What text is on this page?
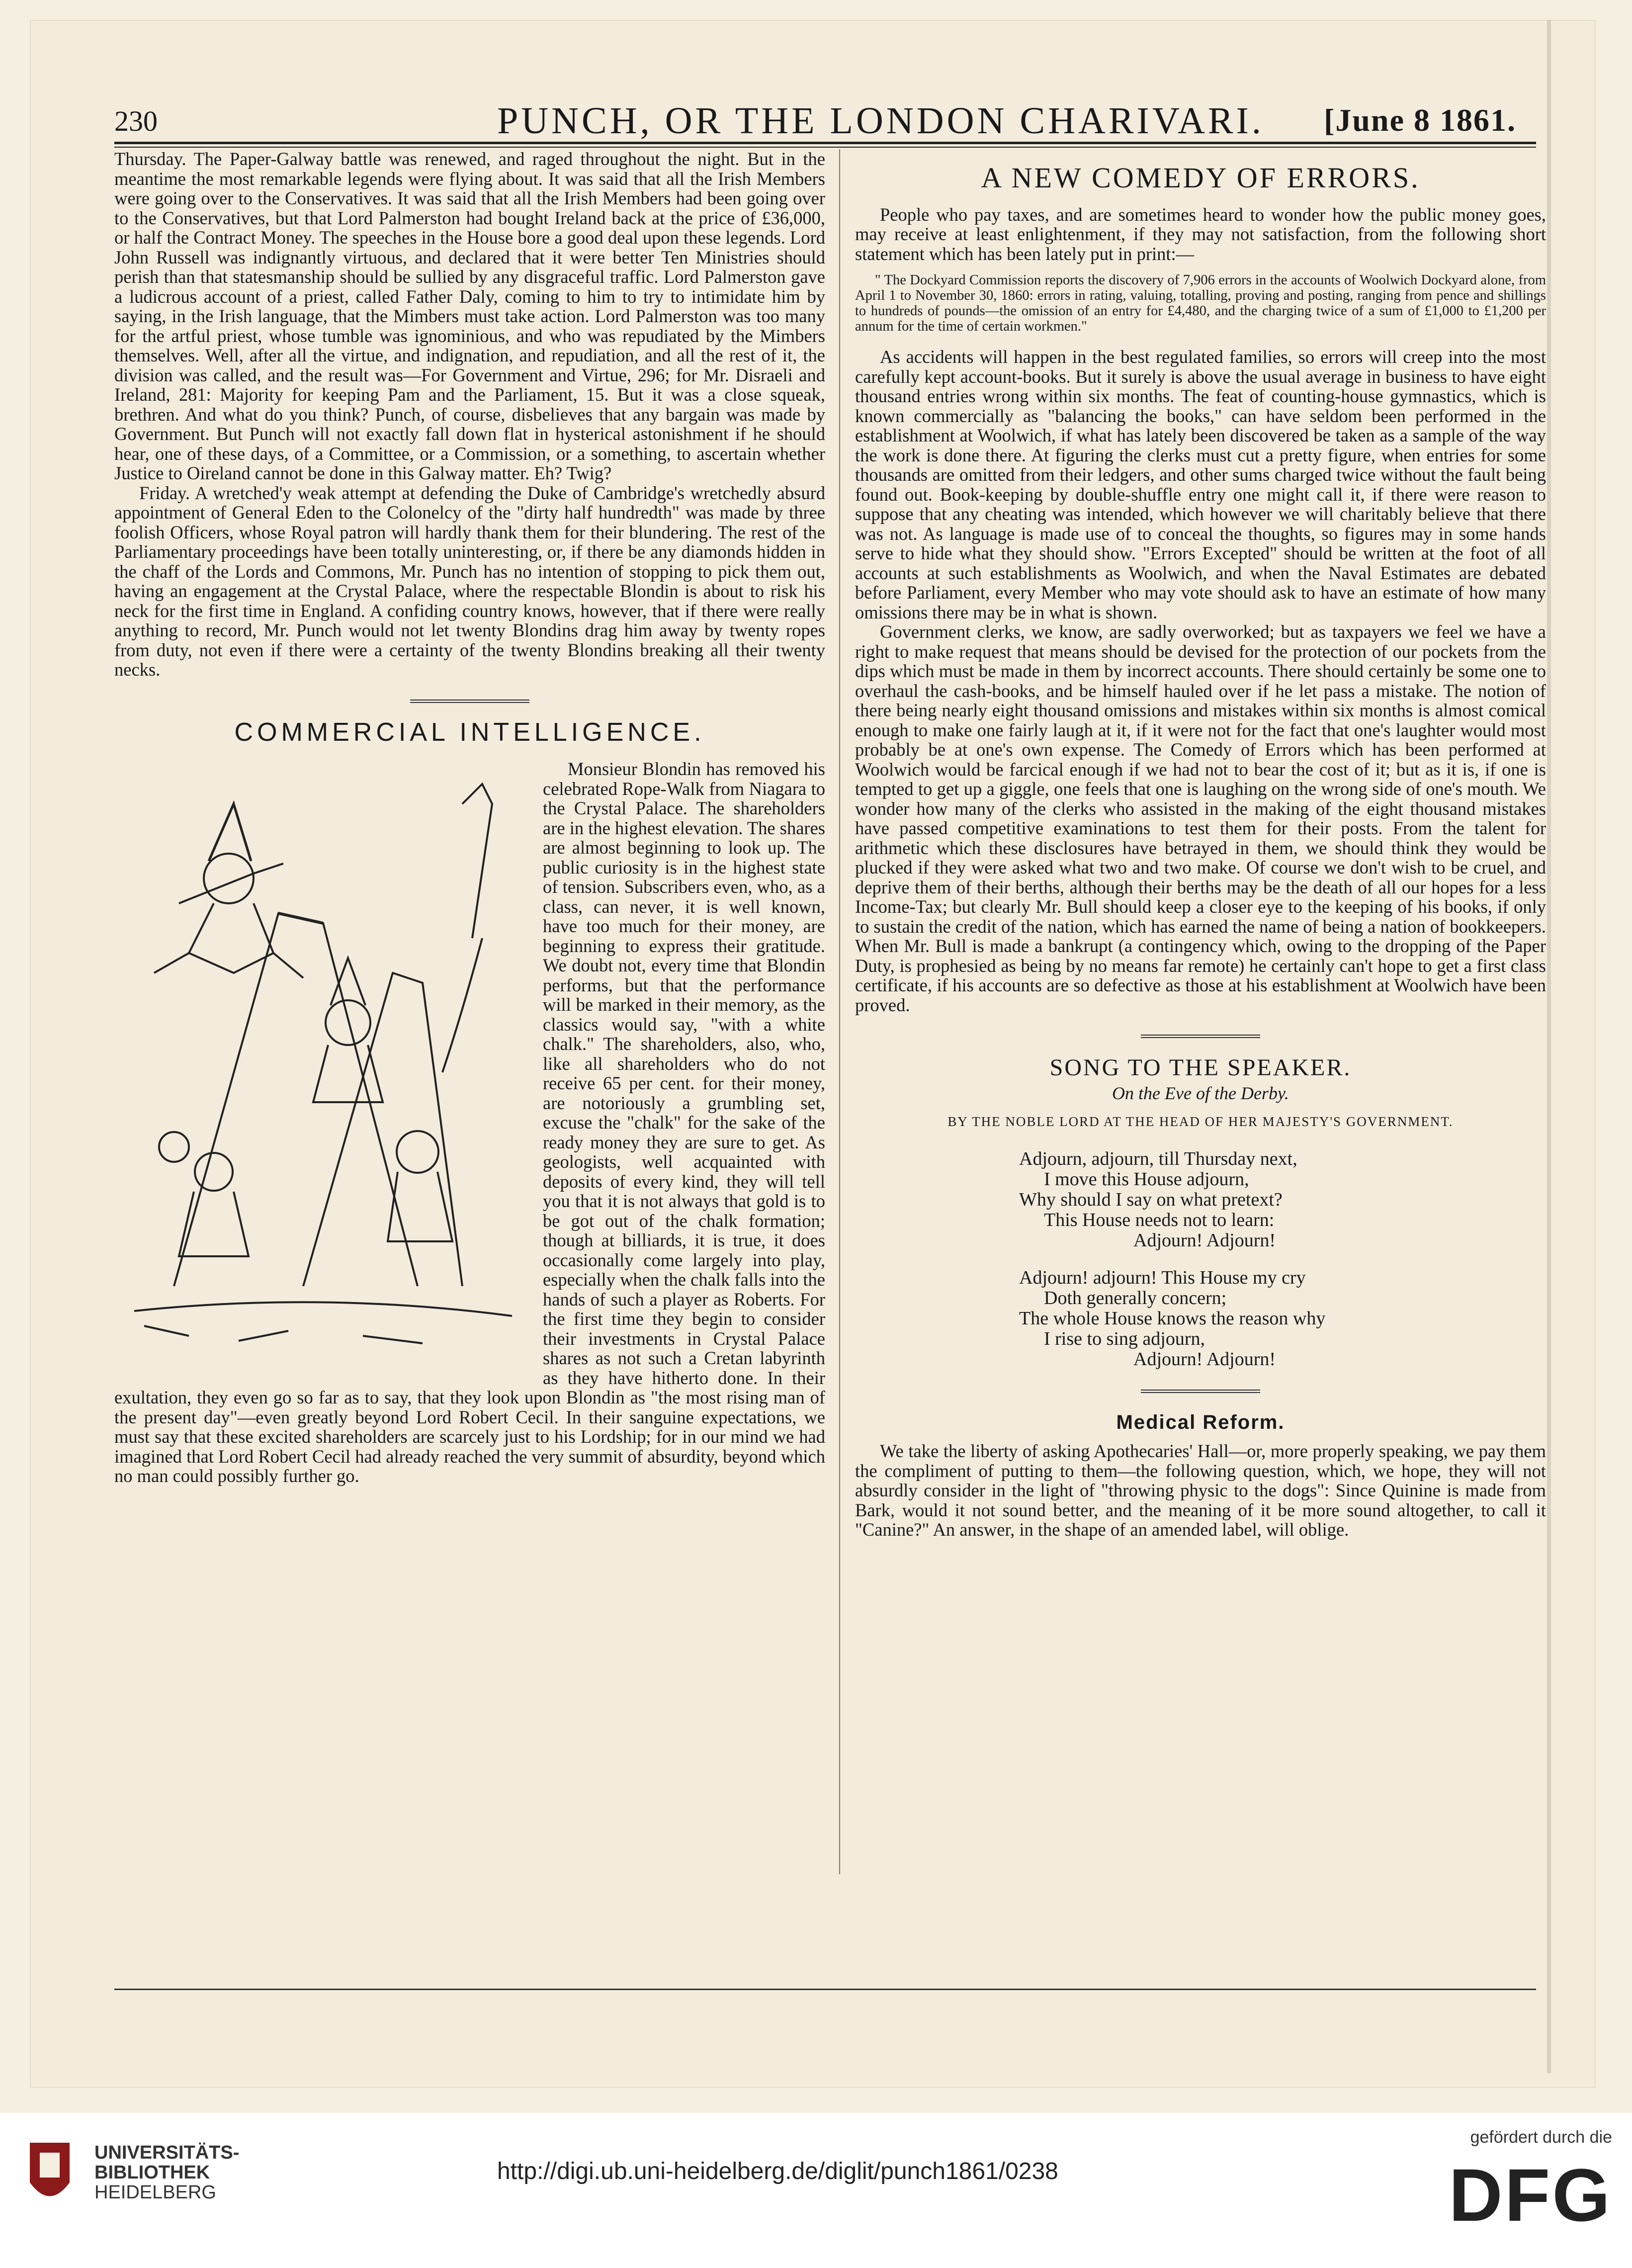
230	PUNCH, OR THE LONDON CHARIVARI. [June 8 1861.

Thursday. The Paper-Galway battle was renewed, and raged throughout the night. But in the meantime the most remarkable legends were flying about. It was said that all the Irish Members were going over to the Conservatives. It was said that all the Irish Members had been going over to the Conservatives, but that Lord Palmerston had bought Ireland back at the price of £36,000, or half the Contract Money. The speeches in the House bore a good deal upon these legends. Lord John Russell was indignantly virtuous, and declared that it were better Ten Ministries should perish than that statesmanship should be sullied by any disgraceful traffic. Lord Palmerston gave a ludicrous account of a priest, called Father Daly, coming to him to try to intimidate him by saying, in the Irish language, that the Mimbers must take action. Lord Palmerston was too many for the artful priest, whose tumble was ignominious, and who was repudiated by the Mimbers themselves. Well, after all the virtue, and indignation, and repudiation, and all the rest of it, the division was called, and the result was—For Government and Virtue, 296; for Mr. Disraeli and Ireland, 281: Majority for keeping Pam and the Parliament, 15. But it was a close squeak, brethren. And what do you think? Punch, of course, disbelieves that any bargain was made by Government. But Punch will not exactly fall down flat in hysterical astonishment if he should hear, one of these days, of a Committee, or a Commission, or a something, to ascertain whether Justice to Oireland cannot be done in this Galway matter. Eh? Twig?

Friday. A wretched'y weak attempt at defending the Duke of Cambridge's wretchedly absurd appointment of General Eden to the Colonelcy of the "dirty half hundredth" was made by three foolish Officers, whose Royal patron will hardly thank them for their blundering. The rest of the Parliamentary proceedings have been totally uninteresting, or, if there be any diamonds hidden in the chaff of the Lords and Commons, Mr. Punch has no intention of stopping to pick them out, having an engagement at the Crystal Palace, where the respectable Blondin is about to risk his neck for the first time in England. A confiding country knows, however, that if there were really anything to record, Mr. Punch would not let twenty Blondins drag him away by twenty ropes from duty, not even if there were a certainty of the twenty Blondins breaking all their twenty necks.

COMMERCIAL INTELLIGENCE.

Monsieur Blondin has removed his celebrated Rope-Walk from Niagara to the Crystal Palace. The shareholders are in the highest elevation. The shares are almost beginning to look up. The public curiosity is in the highest state of tension. Subscribers even, who, as a class, can never, it is well known, have too much for their money, are beginning to express their gratitude. We doubt not, every time that Blondin performs, but that the performance will be marked in their memory, as the classics would say, "with a white chalk." The shareholders, also, who, like all shareholders who do not receive 65 per cent. for their money, are notoriously a grumbling set, excuse the "chalk" for the sake of the ready money they are sure to get. As geologists, well acquainted with deposits of every kind, they will tell you that it is not always that gold is to be got out of the chalk formation; though at billiards, it is true, it does occasionally come largely into play, especially when the chalk falls into the hands of such a player as Roberts. For the first time they begin to consider their investments in Crystal Palace shares as not such a Cretan labyrinth as they have hitherto done. In their exultation, they even go so far as to say, that they look upon Blondin as "the most rising man of the present day"—even greatly beyond Lord Robert Cecil. In their sanguine expectations, we must say that these excited shareholders are scarcely just to his Lordship; for in our mind we had imagined that Lord Robert Cecil had already reached the very summit of absurdity, beyond which no man could possibly further go.

A NEW COMEDY OF ERRORS.

People who pay taxes, and are sometimes heard to wonder how the public money goes, may receive at least enlightenment, if they may not satisfaction, from the following short statement which has been lately put in print:—

" The Dockyard Commission reports the discovery of 7,906 errors in the accounts of Woolwich Dockyard alone, from April 1 to November 30, 1860: errors in rating, valuing, totalling, proving and posting, ranging from pence and shillings to hundreds of pounds—the omission of an entry for £4,480, and the charging twice of a sum of £1,000 to £1,200 per annum for the time of certain workmen."

As accidents will happen in the best regulated families, so errors will creep into the most carefully kept account-books. But it surely is above the usual average in business to have eight thousand entries wrong within six months. The feat of counting-house gymnastics, which is known commercially as "balancing the books," can have seldom been performed in the establishment at Woolwich, if what has lately been discovered be taken as a sample of the way the work is done there. At figuring the clerks must cut a pretty figure, when entries for some thousands are omitted from their ledgers, and other sums charged twice without the fault being found out. Book-keeping by double-shuffle entry one might call it, if there were reason to suppose that any cheating was intended, which however we will charitably believe that there was not. As language is made use of to conceal the thoughts, so figures may in some hands serve to hide what they should show. "Errors Excepted" should be written at the foot of all accounts at such establishments as Woolwich, and when the Naval Estimates are debated before Parliament, every Member who may vote should ask to have an estimate of how many omissions there may be in what is shown.

Government clerks, we know, are sadly overworked; but as taxpayers we feel we have a right to make request that means should be devised for the protection of our pockets from the dips which must be made in them by incorrect accounts. There should certainly be some one to overhaul the cash-books, and be himself hauled over if he let pass a mistake. The notion of there being nearly eight thousand omissions and mistakes within six months is almost comical enough to make one fairly laugh at it, if it were not for the fact that one's laughter would most probably be at one's own expense. The Comedy of Errors which has been performed at Woolwich would be farcical enough if we had not to bear the cost of it; but as it is, if one is tempted to get up a giggle, one feels that one is laughing on the wrong side of one's mouth. We wonder how many of the clerks who assisted in the making of the eight thousand mistakes have passed competitive examinations to test them for their posts. From the talent for arithmetic which these disclosures have betrayed in them, we should think they would be plucked if they were asked what two and two make. Of course we don't wish to be cruel, and deprive them of their berths, although their berths may be the death of all our hopes for a less Income-Tax; but clearly Mr. Bull should keep a closer eye to the keeping of his books, if only to sustain the credit of the nation, which has earned the name of being a nation of bookkeepers. When Mr. Bull is made a bankrupt (a contingency which, owing to the dropping of the Paper Duty, is prophesied as being by no means far remote) he certainly can't hope to get a first class certificate, if his accounts are so defective as those at his establishment at Woolwich have been proved.

SONG TO THE SPEAKER.
On the Eve of the Derby.
BY THE NOBLE LORD AT THE HEAD OF HER MAJESTY'S GOVERNMENT.
Adjourn, adjourn, till Thursday next,
I move this House adjourn,
Why should I say on what pretext?
This House needs not to learn:
Adjourn! Adjourn!
Adjourn! adjourn! This House my cry
Doth generally concern;
The whole House knows the reason why
I rise to sing adjourn,
Adjourn! Adjourn!
Medical Reform.

We take the liberty of asking Apothecaries' Hall—or, more properly speaking, we pay them the compliment of putting to them—the following question, which, we hope, they will not absurdly consider in the light of "throwing physic to the dogs": Since Quinine is made from Bark, would it not sound better, and the meaning of it be more sound altogether, to call it "Canine?" An answer, in the shape of an amended label, will oblige.

UNIVERSITÄTS-
BIBLIOTHEK
HEIDELBERG
http://digi.ub.uni-heidelberg.de/diglit/punch1861/0238
gefördert durch die
DFG
